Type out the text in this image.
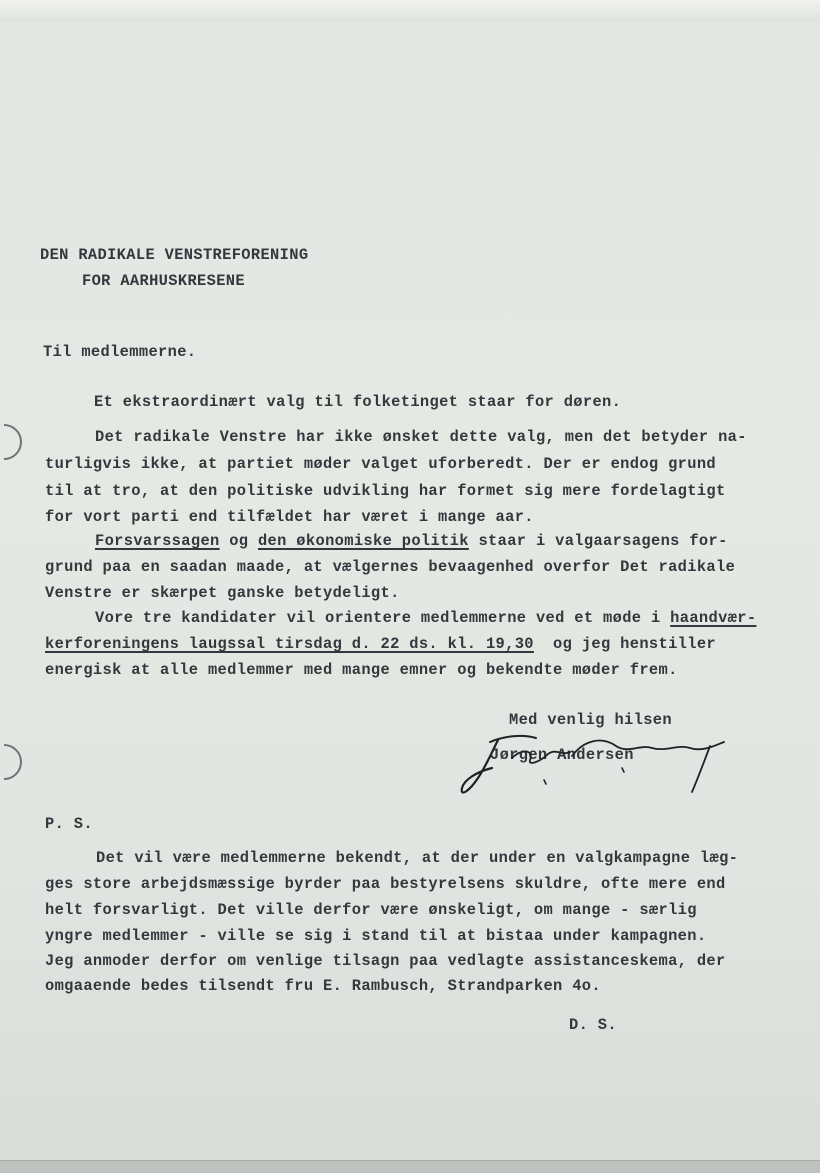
DEN RADIKALE VENSTREFORENING
FOR AARHUSKRESENE
Til medlemmerne.
Et ekstraordinært valg til folketinget staar for døren.
Det radikale Venstre har ikke ønsket dette valg, men det betyder na-
turligvis ikke, at partiet møder valget uforberedt. Der er endog grund
til at tro, at den politiske udvikling har formet sig mere fordelagtigt
for vort parti end tilfældet har været i mange aar.
Forsvarssagen og den økonomiske politik staar i valgaarsagens for-
grund paa en saadan maade, at vælgernes bevaagenhed overfor Det radikale
Venstre er skærpet ganske betydeligt.
Vore tre kandidater vil orientere medlemmerne ved et møde i haandvær-
kerforeningens laugssal tirsdag d. 22 ds. kl. 19,30  og jeg henstiller
energisk at alle medlemmer med mange emner og bekendte møder frem.
Med venlig hilsen
Jørgen Andersen
P. S.
Det vil være medlemmerne bekendt, at der under en valgkampagne læg-
ges store arbejdsmæssige byrder paa bestyrelsens skuldre, ofte mere end
helt forsvarligt. Det ville derfor være ønskeligt, om mange - særlig
yngre medlemmer - ville se sig i stand til at bistaa under kampagnen.
Jeg anmoder derfor om venlige tilsagn paa vedlagte assistanceskema, der
omgaaende bedes tilsendt fru E. Rambusch, Strandparken 4o.
D. S.
